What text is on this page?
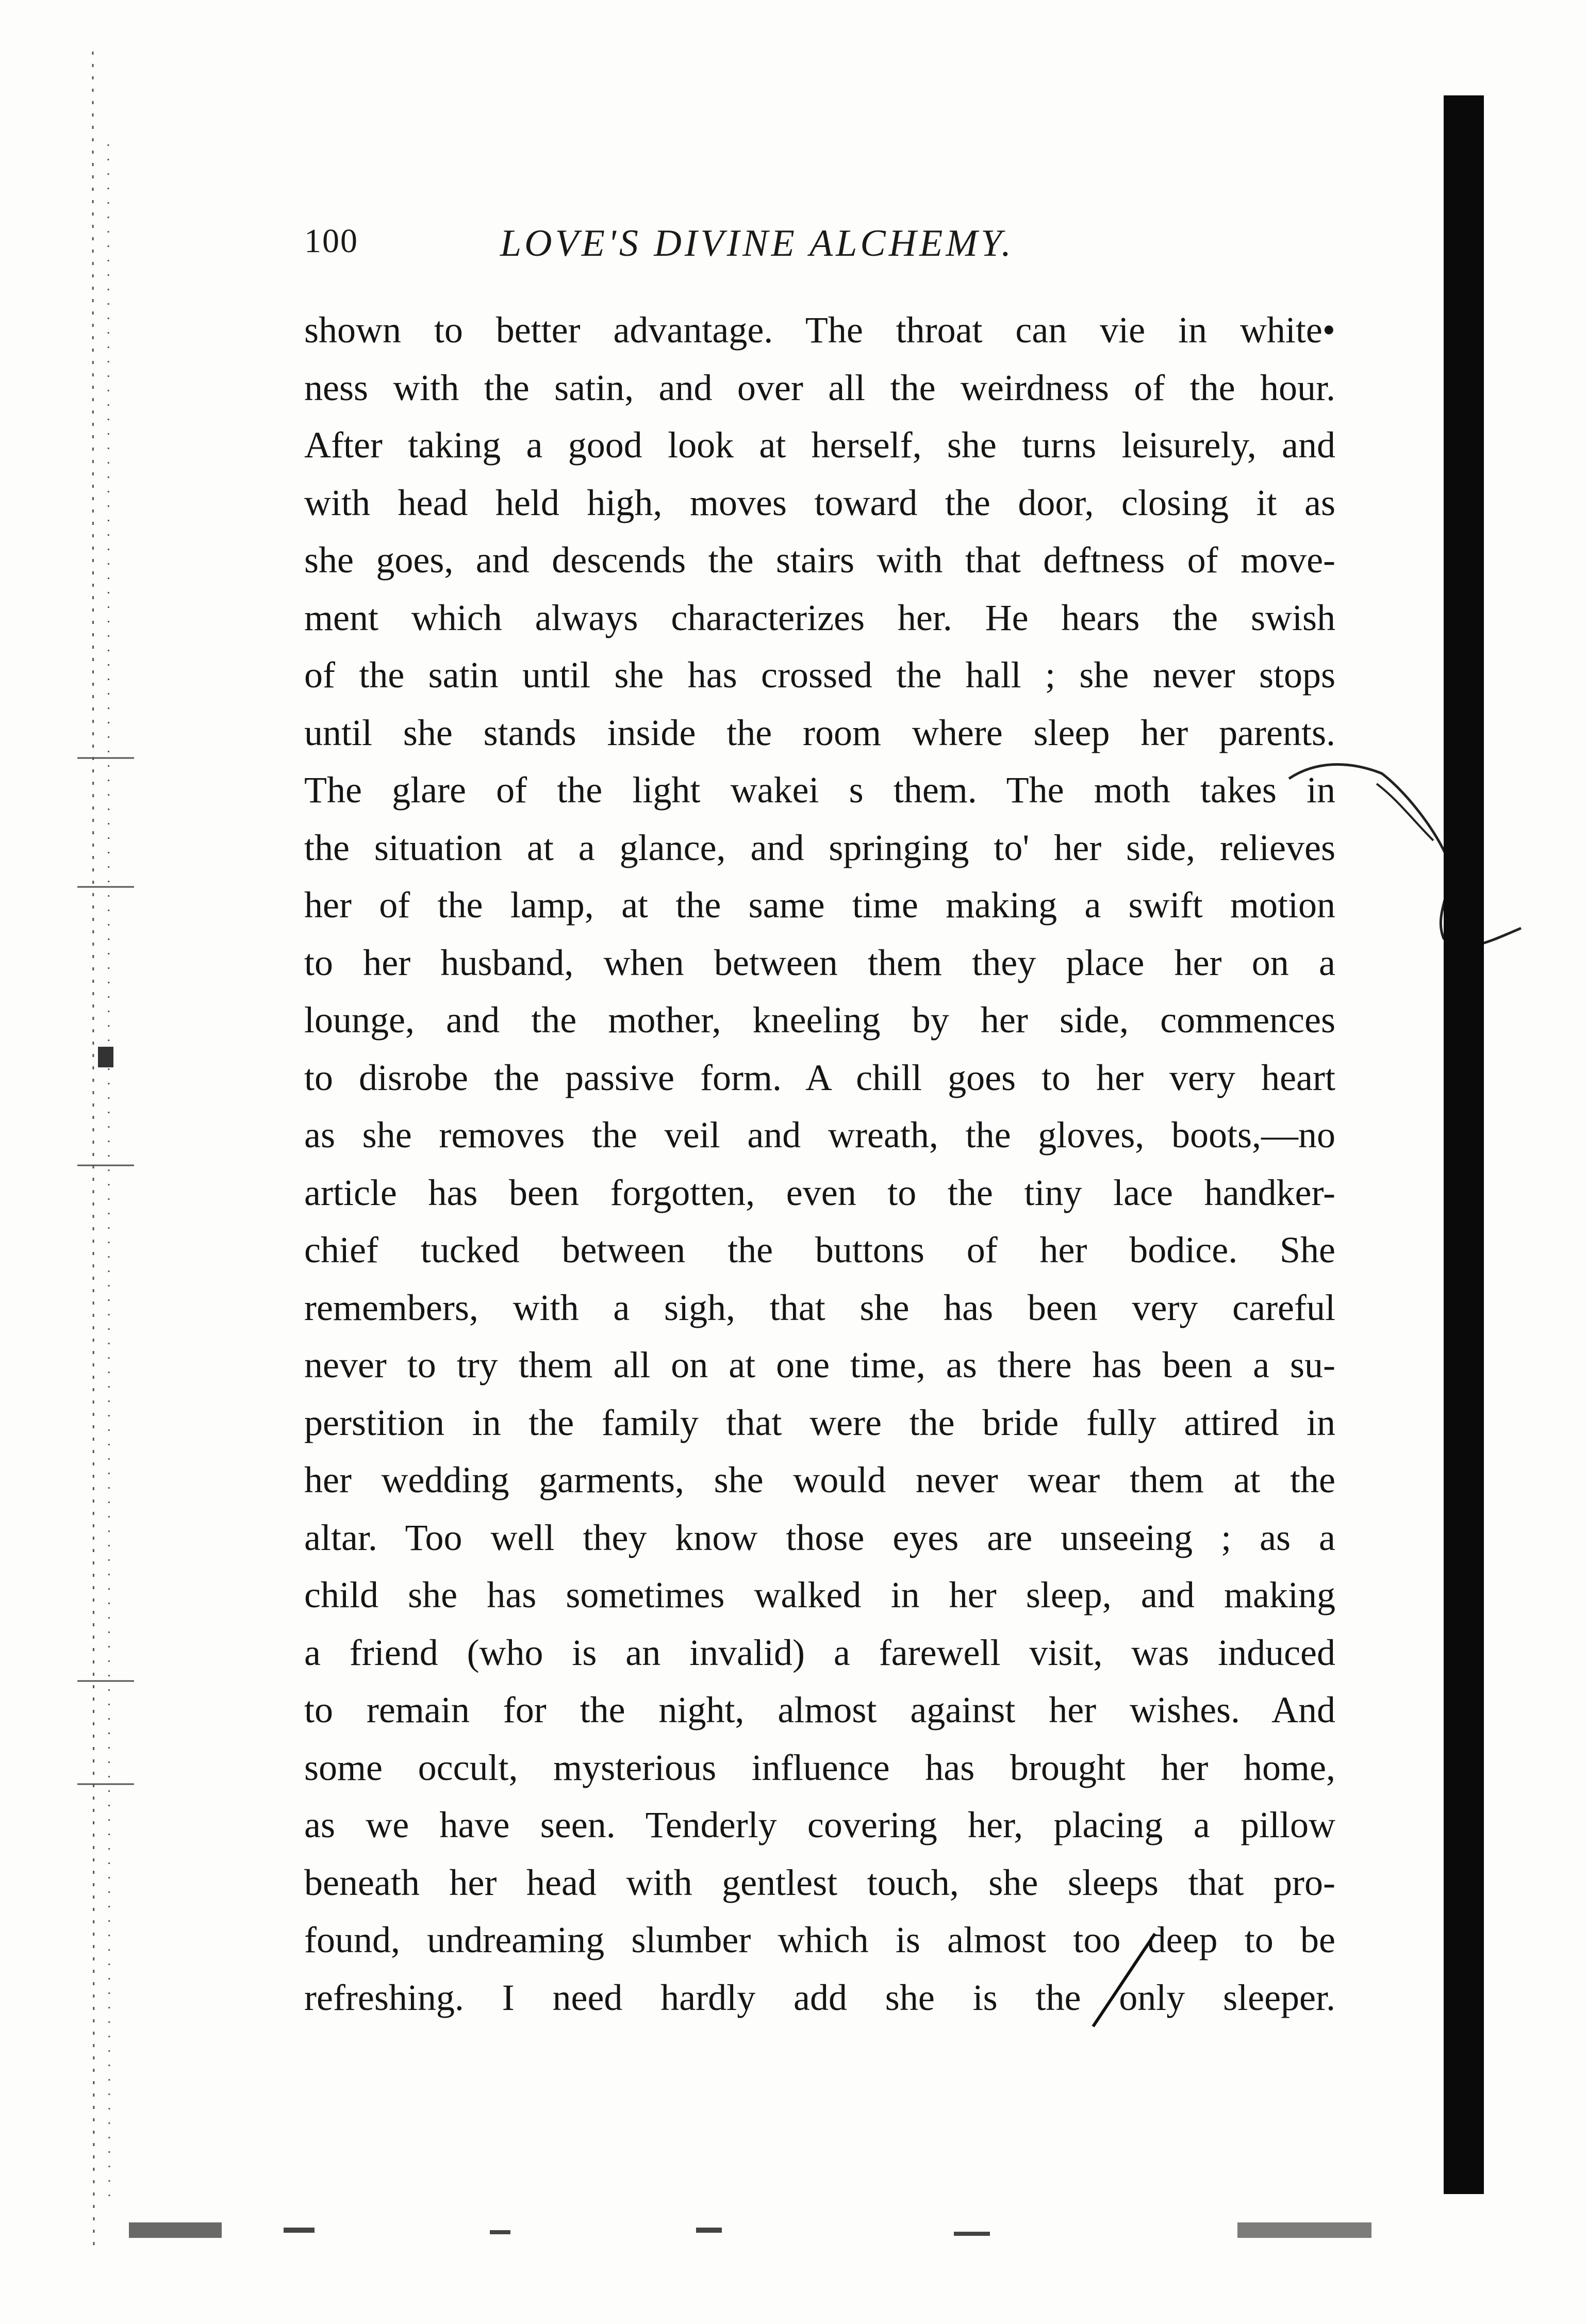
100	LOVE'S DIVINE ALCHEMY.
shown to better advantage. The throat can vie in white•
ness with the satin, and over all the weirdness of the hour.
After taking a good look at herself, she turns leisurely, and
with head held high, moves toward the door, closing it as
she goes, and descends the stairs with that deftness of move-
ment which always characterizes her. He hears the swish
of the satin until she has crossed the hall ; she never stops
until she stands inside the room where sleep her parents.
The glare of the light wakei s them. The moth takes in
the situation at a glance, and springing to' her side, relieves
her of the lamp, at the same time making a swift motion
to her husband, when between them they place her on a
lounge, and the mother, kneeling by her side, commences
to disrobe the passive form. A chill goes to her very heart
as she removes the veil and wreath, the gloves, boots,—no
article has been forgotten, even to the tiny lace handker-
chief tucked between the buttons of her bodice. She
remembers, with a sigh, that she has been very careful
never to try them all on at one time, as there has been a su-
perstition in the family that were the bride fully attired in
her wedding garments, she would never wear them at the
altar. Too well they know those eyes are unseeing ; as a
child she has sometimes walked in her sleep, and making
a friend (who is an invalid) a farewell visit, was induced
to remain for the night, almost against her wishes. And
some occult, mysterious influence has brought her home,
as we have seen. Tenderly covering her, placing a pillow
beneath her head with gentlest touch, she sleeps that pro-
found, undreaming slumber which is almost too deep to be
refreshing. I need hardly add she is the only sleeper.
